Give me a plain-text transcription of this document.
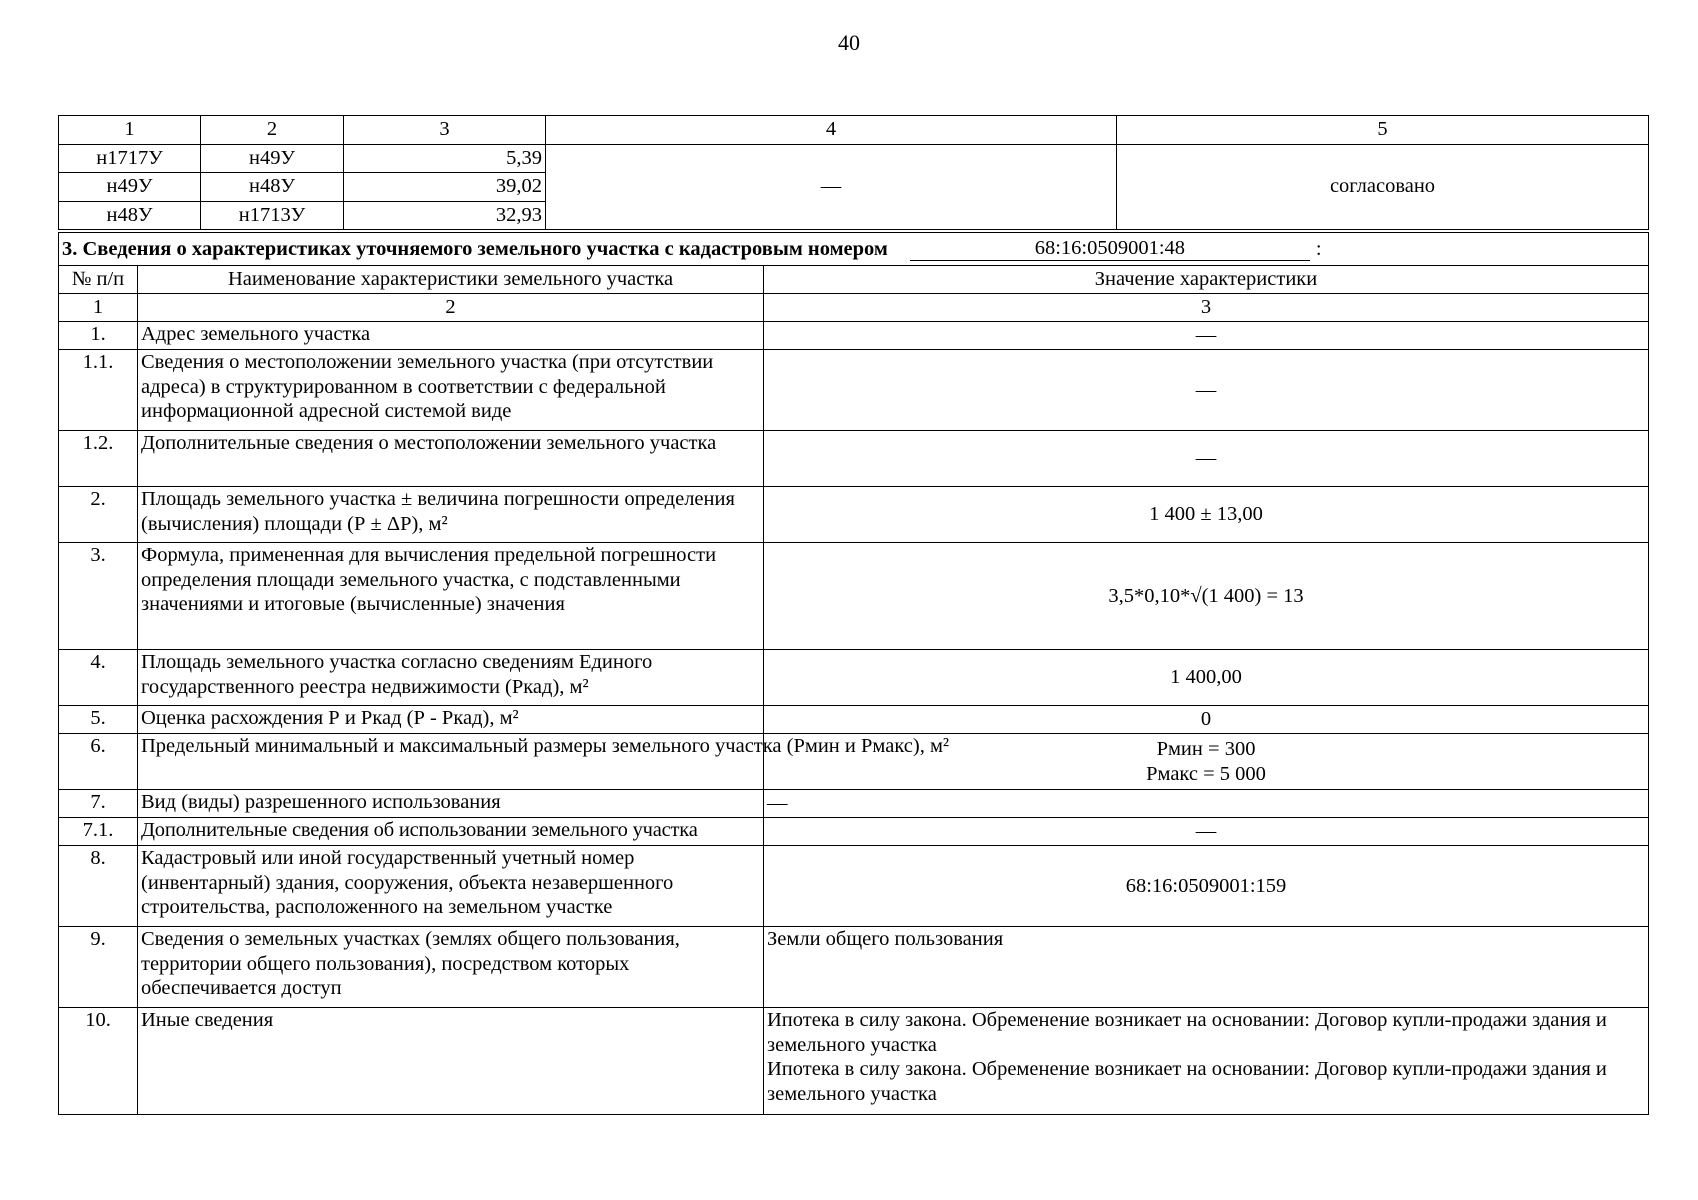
40
1	2	3	4	5
н1717У	н49У	5,39	—	согласовано
н49У	н48У	39,02		
н48У	н1713У	32,93		
3. Сведения о характеристиках уточняемого земельного участка с кадастровым номером 68:16:0509001:48 :		

№ п/п	Наименование характеристики земельного участка	Значение характеристики
1	2	3
1.	Адрес земельного участка	—
1.1.	Сведения о местоположении земельного участка (при отсутствии адреса) в структурированном в соответствии с федеральной информационной адресной системой виде	—
1.2.	Дополнительные сведения о местоположении земельного участка	—
2.	Площадь земельного участка ± величина погрешности определения (вычисления) площади (Р ± ΔР), м²	1 400 ± 13,00
3.	Формула, примененная для вычисления предельной погрешности определения площади земельного участка, с подставленными значениями и итоговые (вычисленные) значения	3,5*0,10*√(1 400) = 13
4.	Площадь земельного участка согласно сведениям Единого государственного реестра недвижимости (Ркад), м²	1 400,00
5.	Оценка расхождения Р и Ркад (Р - Ркад), м²	0
6.	Предельный минимальный и максимальный размеры земельного участка (Рмин и Рмакс), м²	Рмин = 300
Рмакс = 5 000

7.	Вид (виды) разрешенного использования	—
7.1.	Дополнительные сведения об использовании земельного участка	—
8.	Кадастровый или иной государственный учетный номер (инвентарный) здания, сооружения, объекта незавершенного строительства, расположенного на земельном участке	68:16:0509001:159
9.	Сведения о земельных участках (землях общего пользования, территории общего пользования), посредством которых обеспечивается доступ	Земли общего пользования
10.	Иные сведения	Ипотека в силу закона. Обременение возникает на основании: Договор купли-продажи здания и земельного участка
Ипотека в силу закона. Обременение возникает на основании: Договор купли-продажи здания и земельного участка
